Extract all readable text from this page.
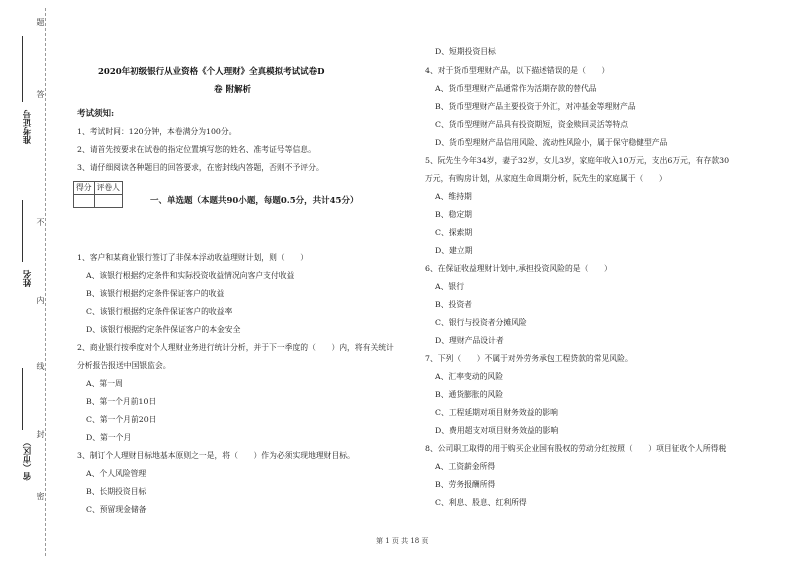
题
答
不
内
线
封
密
准考证号
姓名
省（市区）
2020年初级银行从业资格《个人理财》全真模拟考试试卷D
卷 附解析
考试须知:
1、考试时间：120分钟，本卷满分为100分。
2、请首先按要求在试卷的指定位置填写您的姓名、准考证号等信息。
3、请仔细阅读各种题目的回答要求，在密封线内答题，否则不予评分。
得分	评卷人

一、单选题（本题共90小题，每题0.5分，共计45分）
1、客户和某商业银行签订了非保本浮动收益理财计划，则（　　）
A、该银行根据约定条件和实际投资收益情况向客户支付收益
B、该银行根据约定条件保证客户的收益
C、该银行根据约定条件保证客户的收益率
D、该银行根据约定条件保证客户的本金安全
2、商业银行按季度对个人理财业务进行统计分析，并于下一季度的（　　）内，将有关统计
分析报告报送中国银监会。
A、第一周
B、第一个月前10日
C、第一个月前20日
D、第一个月
3、制订个人理财目标地基本原则之一是，将（　　）作为必须实现地理财目标。
A、个人风险管理
B、长期投资目标
C、预留现金储备
D、短期投资目标
4、对于货币型理财产品，以下描述错误的是（　　）
A、货币型理财产品通常作为活期存款的替代品
B、货币型理财产品主要投资于外汇，对冲基金等理财产品
C、货币型理财产品具有投资期短，资金赎回灵活等特点
D、货币型理财产品信用风险、流动性风险小，属于保守稳健型产品
5、阮先生今年34岁，妻子32岁，女儿3岁，家庭年收入10万元，支出6万元，有存款30
万元，有购房计划，从家庭生命周期分析，阮先生的家庭属于（　　）
A、维持期
B、稳定期
C、探索期
D、建立期
6、在保证收益理财计划中,承担投资风险的是（　　）
A、银行
B、投资者
C、银行与投资者分摊风险
D、理财产品设计者
7、下列（　　）不属于对外劳务承包工程贷款的常见风险。
A、汇率变动的风险
B、通货膨胀的风险
C、工程延期对项目财务效益的影响
D、费用超支对项目财务效益的影响
8、公司职工取得的用于购买企业国有股权的劳动分红按照（　　）项目征收个人所得税
A、工资薪金所得
B、劳务报酬所得
C、利息、股息、红利所得
第 1 页 共 18 页
